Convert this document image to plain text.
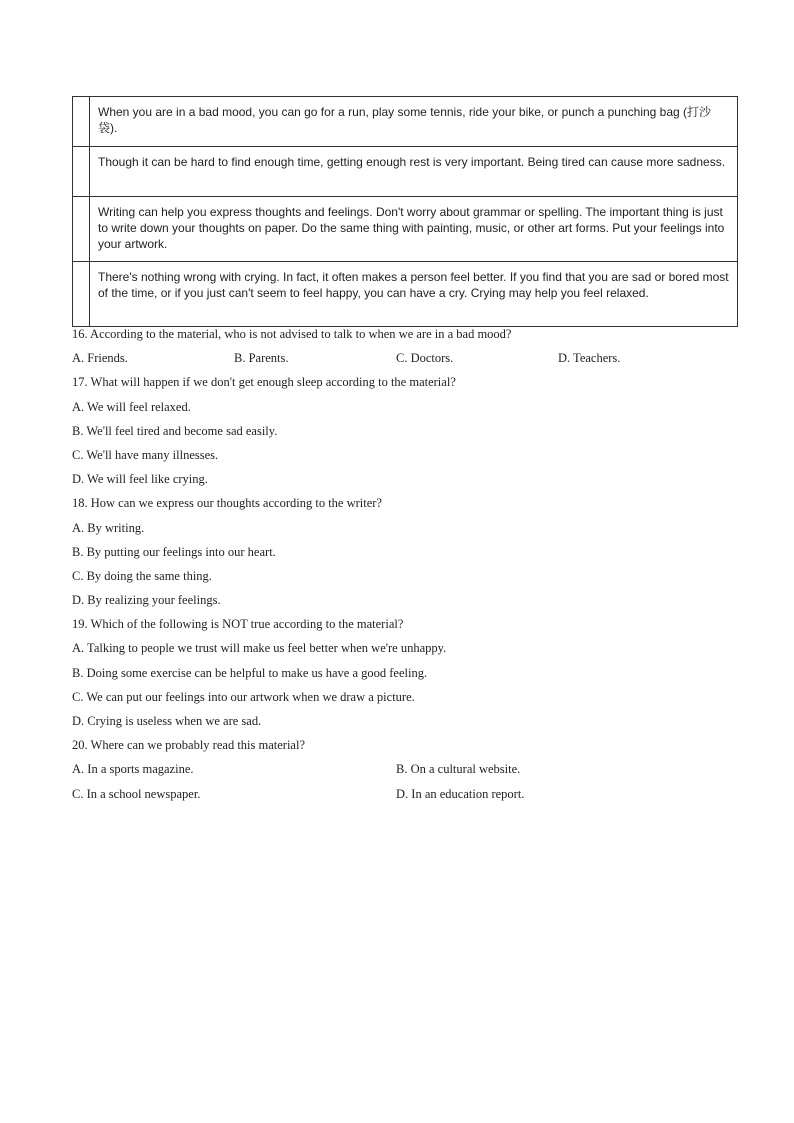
	When you are in a bad mood, you can go for a run, play some tennis, ride your bike, or punch a punching bag (打沙袋).
	Though it can be hard to find enough time, getting enough rest is very important. Being tired can cause more sadness.
	Writing can help you express thoughts and feelings. Don't worry about grammar or spelling. The important thing is just to write down your thoughts on paper. Do the same thing with painting, music, or other art forms. Put your feelings into your artwork.
	There's nothing wrong with crying. In fact, it often makes a person feel better. If you find that you are sad or bored most of the time, or if you just can't seem to feel happy, you can have a cry. Crying may help you feel relaxed.
16. According to the material, who is not advised to talk to when we are in a bad mood?
A. Friends.	B. Parents.	C. Doctors.	D. Teachers.
17. What will happen if we don't get enough sleep according to the material?
A. We will feel relaxed.
B. We'll feel tired and become sad easily.
C. We'll have many illnesses.
D. We will feel like crying.
18. How can we express our thoughts according to the writer?
A. By writing.
B. By putting our feelings into our heart.
C. By doing the same thing.
D. By realizing your feelings.
19. Which of the following is NOT true according to the material?
A. Talking to people we trust will make us feel better when we're unhappy.
B. Doing some exercise can be helpful to make us have a good feeling.
C. We can put our feelings into our artwork when we draw a picture.
D. Crying is useless when we are sad.
20. Where can we probably read this material?
A. In a sports magazine.	B. On a cultural website.
C. In a school newspaper.	D. In an education report.
